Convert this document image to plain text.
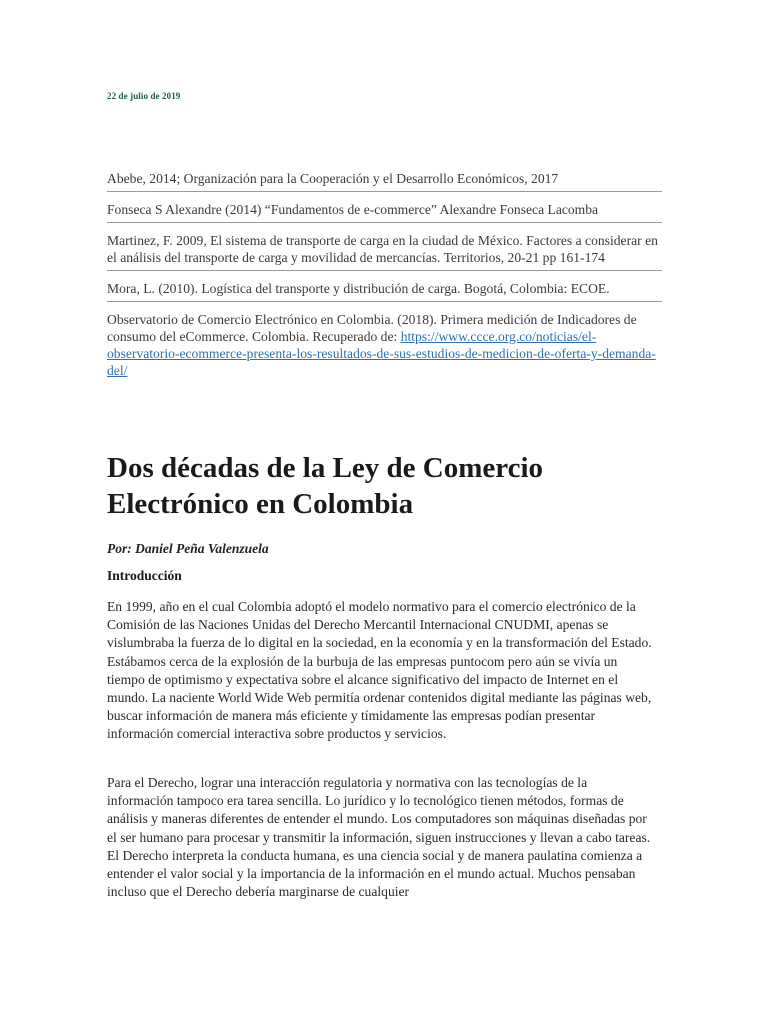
22 de julio de 2019
Abebe, 2014; Organización para la Cooperación y el Desarrollo Económicos, 2017
Fonseca S Alexandre (2014) “Fundamentos de e-commerce” Alexandre Fonseca Lacomba
Martinez, F. 2009, El sistema de transporte de carga en la ciudad de México. Factores a considerar en el análisis del transporte de carga y movilidad de mercancías. Territorios, 20-21 pp 161-174
Mora, L. (2010). Logística del transporte y distribución de carga. Bogotá, Colombia: ECOE.
Observatorio de Comercio Electrónico en Colombia. (2018). Primera medición de Indicadores de consumo del eCommerce. Colombia. Recuperado de: https://www.ccce.org.co/noticias/el-observatorio-ecommerce-presenta-los-resultados-de-sus-estudios-de-medicion-de-oferta-y-demanda-del/
Dos décadas de la Ley de Comercio Electrónico en Colombia
Por: Daniel Peña Valenzuela
Introducción

En 1999, año en el cual Colombia adoptó el modelo normativo para el comercio electrónico de la Comisión de las Naciones Unidas del Derecho Mercantil Internacional CNUDMI, apenas se vislumbraba la fuerza de lo digital en la sociedad, en la economía y en la transformación del Estado. Estábamos cerca de la explosión de la burbuja de las empresas puntocom pero aún se vivía un tiempo de optimismo y expectativa sobre el alcance significativo del impacto de Internet en el mundo. La naciente World Wide Web permitía ordenar contenidos digital mediante las páginas web, buscar información de manera más eficiente y tímidamente las empresas podían presentar información comercial interactiva sobre productos y servicios.

Para el Derecho, lograr una interacción regulatoria y normativa con las tecnologías de la información tampoco era tarea sencilla. Lo jurídico y lo tecnológico tienen métodos, formas de análisis y maneras diferentes de entender el mundo. Los computadores son máquinas diseñadas por el ser humano para procesar y transmitir la información, siguen instrucciones y llevan a cabo tareas. El Derecho interpreta la conducta humana, es una ciencia social y de manera paulatina comienza a entender el valor social y la importancia de la información en el mundo actual. Muchos pensaban incluso que el Derecho debería marginarse de cualquier
